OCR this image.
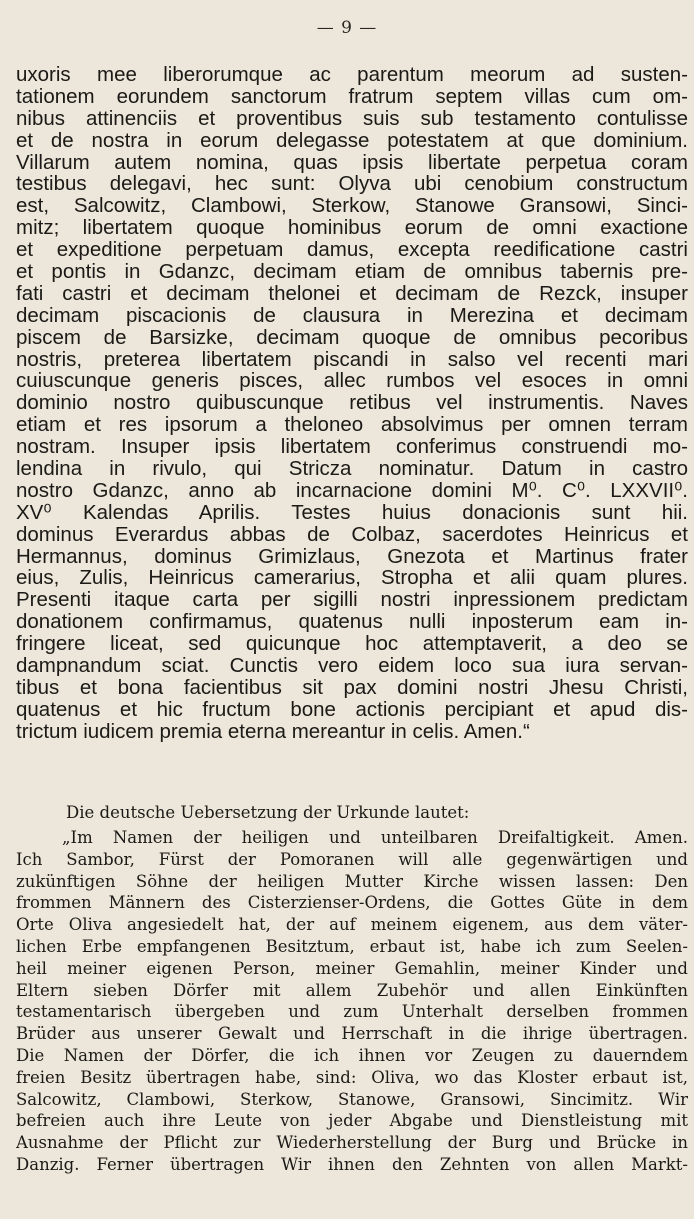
— 9 —
uxoris mee liberorumque ac parentum meorum ad susten-
tationem eorundem sanctorum fratrum septem villas cum om-
nibus attinenciis et proventibus suis sub testamento contulisse
et de nostra in eorum delegasse potestatem at que dominium.
Villarum autem nomina, quas ipsis libertate perpetua coram
testibus delegavi, hec sunt: Olyva ubi cenobium constructum
est, Salcowitz, Clambowi, Sterkow, Stanowe Gransowi, Sinci-
mitz; libertatem quoque hominibus eorum de omni exactione
et expeditione perpetuam damus, excepta reedificatione castri
et pontis in Gdanzc, decimam etiam de omnibus tabernis pre-
fati castri et decimam thelonei et decimam de Rezck, insuper
decimam piscacionis de clausura in Merezina et decimam
piscem de Barsizke, decimam quoque de omnibus pecoribus
nostris, preterea libertatem piscandi in salso vel recenti mari
cuiuscunque generis pisces, allec rumbos vel esoces in omni
dominio nostro quibuscunque retibus vel instrumentis. Naves
etiam et res ipsorum a theloneo absolvimus per omnen terram
nostram. Insuper ipsis libertatem conferimus construendi mo-
lendina in rivulo, qui Stricza nominatur. Datum in castro
nostro Gdanzc, anno ab incarnacione domini M⁰. C⁰. LXXVII⁰.
XV⁰ Kalendas Aprilis. Testes huius donacionis sunt hii.
dominus Everardus abbas de Colbaz, sacerdotes Heinricus et
Hermannus, dominus Grimizlaus, Gnezota et Martinus frater
eius, Zulis, Heinricus camerarius, Stropha et alii quam plures.
Presenti itaque carta per sigilli nostri inpressionem predictam
donationem confirmamus, quatenus nulli inposterum eam in-
fringere liceat, sed quicunque hoc attemptaverit, a deo se
dampnandum sciat. Cunctis vero eidem loco sua iura servan-
tibus et bona facientibus sit pax domini nostri Jhesu Christi,
quatenus et hic fructum bone actionis percipiant et apud dis-
trictum iudicem premia eterna mereantur in celis. Amen.“
Die deutsche Uebersetzung der Urkunde lautet:
„Im Namen der heiligen und unteilbaren Dreifaltigkeit. Amen.
Ich Sambor, Fürst der Pomoranen will alle gegenwärtigen und
zukünftigen Söhne der heiligen Mutter Kirche wissen lassen: Den
frommen Männern des Cisterzienser-Ordens, die Gottes Güte in dem
Orte Oliva angesiedelt hat, der auf meinem eigenem, aus dem väter-
lichen Erbe empfangenen Besitztum, erbaut ist, habe ich zum Seelen-
heil meiner eigenen Person, meiner Gemahlin, meiner Kinder und
Eltern sieben Dörfer mit allem Zubehör und allen Einkünften
testamentarisch übergeben und zum Unterhalt derselben frommen
Brüder aus unserer Gewalt und Herrschaft in die ihrige übertragen.
Die Namen der Dörfer, die ich ihnen vor Zeugen zu dauerndem
freien Besitz übertragen habe, sind: Oliva, wo das Kloster erbaut ist,
Salcowitz, Clambowi, Sterkow, Stanowe, Gransowi, Sincimitz. Wir
befreien auch ihre Leute von jeder Abgabe und Dienstleistung mit
Ausnahme der Pflicht zur Wiederherstellung der Burg und Brücke in
Danzig. Ferner übertragen Wir ihnen den Zehnten von allen Markt-
